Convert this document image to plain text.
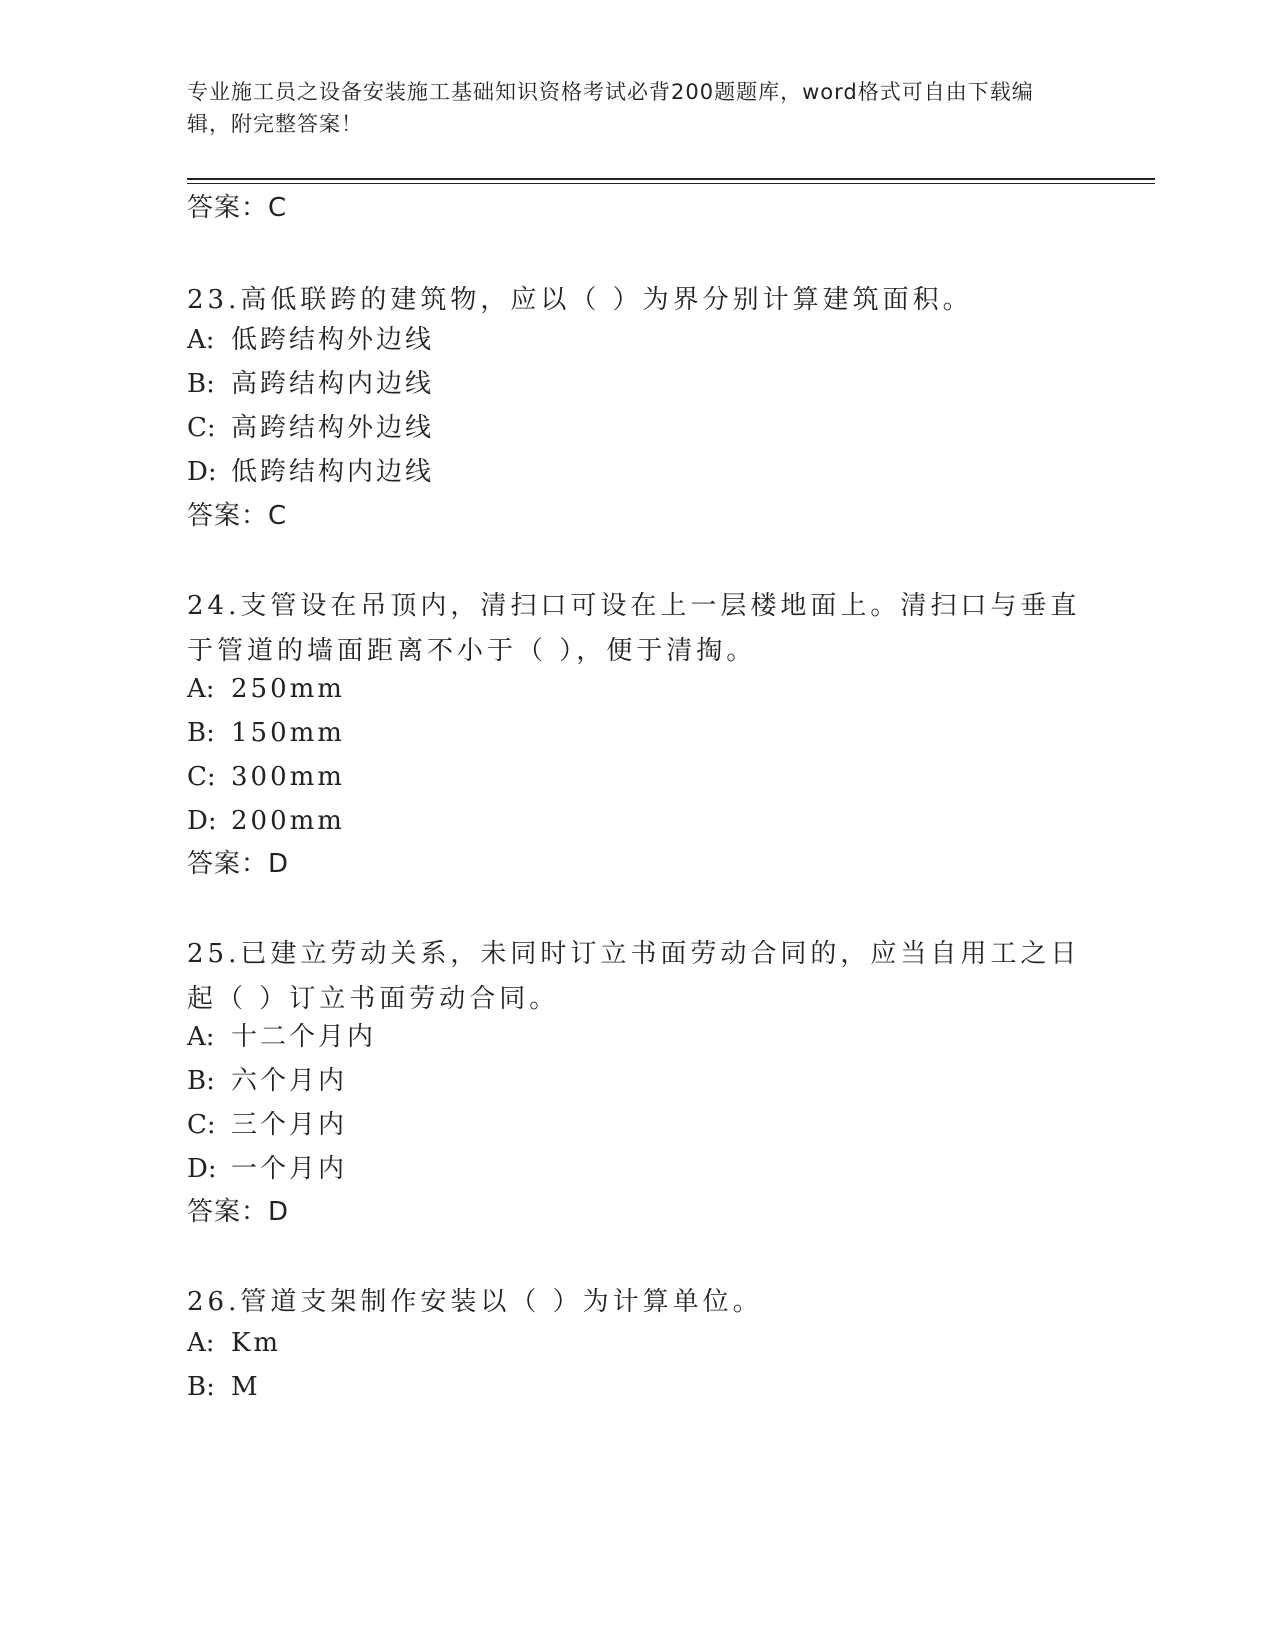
专业施工员之设备安装施工基础知识资格考试必背200题题库，word格式可自由下载编辑，附完整答案！

答案：C

23.高低联跨的建筑物，应以（ ）为界分别计算建筑面积。

A: 低跨结构外边线

B: 高跨结构内边线

C: 高跨结构外边线

D: 低跨结构内边线

答案：C

24.支管设在吊顶内，清扫口可设在上一层楼地面上。清扫口与垂直于管道的墙面距离不小于（ ），便于清掏。

A: 250mm

B: 150mm

C: 300mm

D: 200mm

答案：D

25.已建立劳动关系，未同时订立书面劳动合同的，应当自用工之日起（ ）订立书面劳动合同。

A: 十二个月内

B: 六个月内

C: 三个月内

D: 一个月内

答案：D

26.管道支架制作安装以（ ）为计算单位。

A: Km

B: M
